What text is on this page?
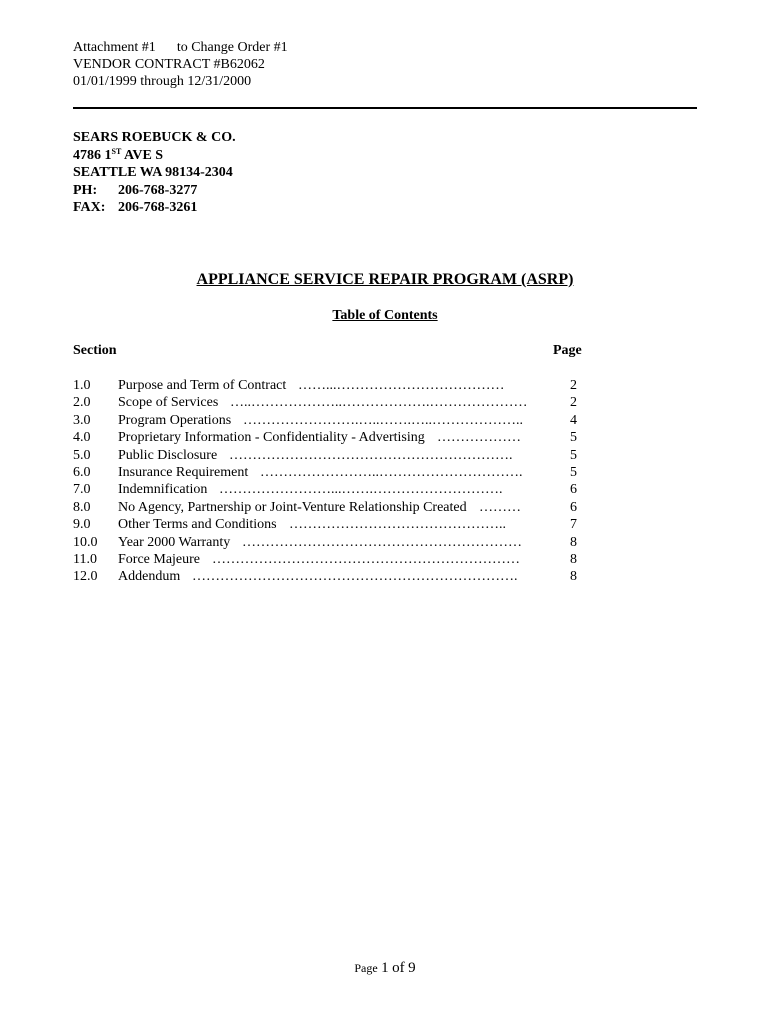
Attachment #1 to Change Order #1
VENDOR CONTRACT #B62062
01/01/1999 through 12/31/2000
SEARS ROEBUCK & CO.
4786 1ST AVE S
SEATTLE WA 98134-2304
PH: 206-768-3277
FAX: 206-768-3261
APPLIANCE SERVICE REPAIR PROGRAM (ASRP)
Table of Contents
Section	Page
1.0 Purpose and Term of Contract ……...………………………………	2
2.0 Scope of Services …..………………..……………….…………………	2
3.0 Program Operations …………………….…..…….…..………………..	4
4.0 Proprietary Information - Confidentiality - Advertising ………………	5
5.0 Public Disclosure …………………………………………………….	5
6.0 Insurance Requirement ……………………..………………………….	5
7.0 Indemnification ……………………...…….……………………….	6
8.0 No Agency, Partnership or Joint-Venture Relationship Created ………	6
9.0 Other Terms and Conditions ………………………………………..	7
10.0 Year 2000 Warranty ……………………………………………………	8
11.0 Force Majeure …………………………………………………………	8
12.0 Addendum …………………………………………………………….	8
Page 1 of 9
